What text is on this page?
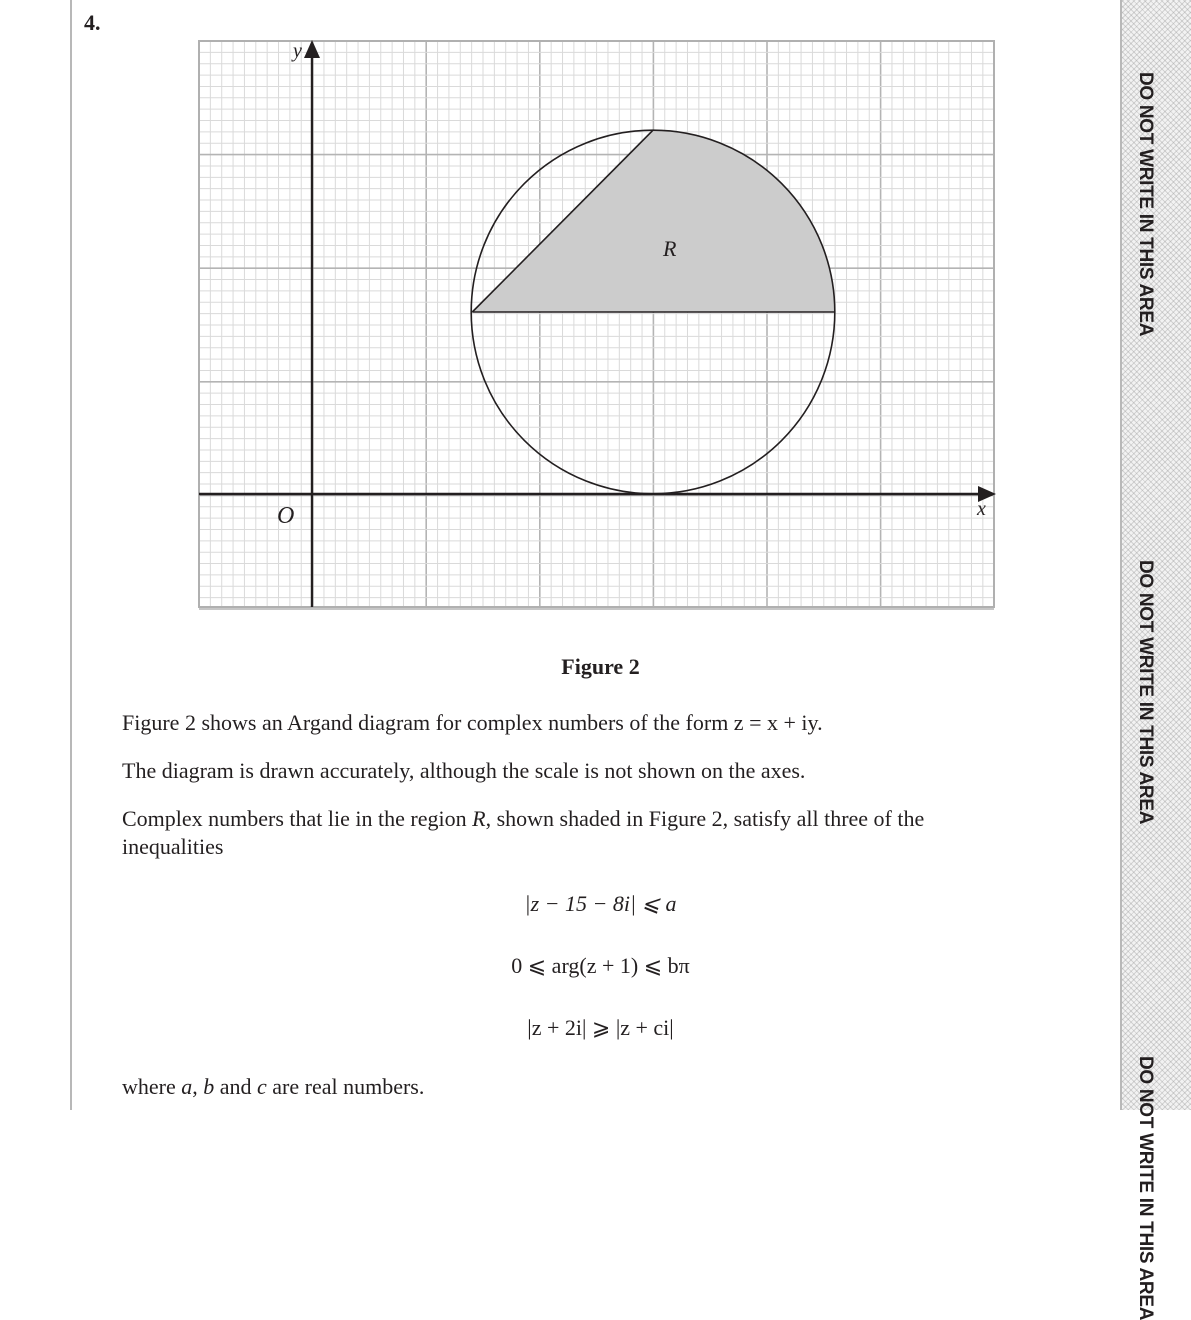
DO NOT WRITE IN THIS AREA
DO NOT WRITE IN THIS AREA
DO NOT WRITE IN THIS AREA
4.
y
x
O
R
Figure 2
Figure 2 shows an Argand diagram for complex numbers of the form z = x + iy.
The diagram is drawn accurately, although the scale is not shown on the axes.
Complex numbers that lie in the region R, shown shaded in Figure 2, satisfy all three of the inequalities
|z − 15 − 8i| ⩽ a
0 ⩽ arg(z + 1) ⩽ bπ
|z + 2i| ⩾ |z + ci|
where a, b and c are real numbers.
